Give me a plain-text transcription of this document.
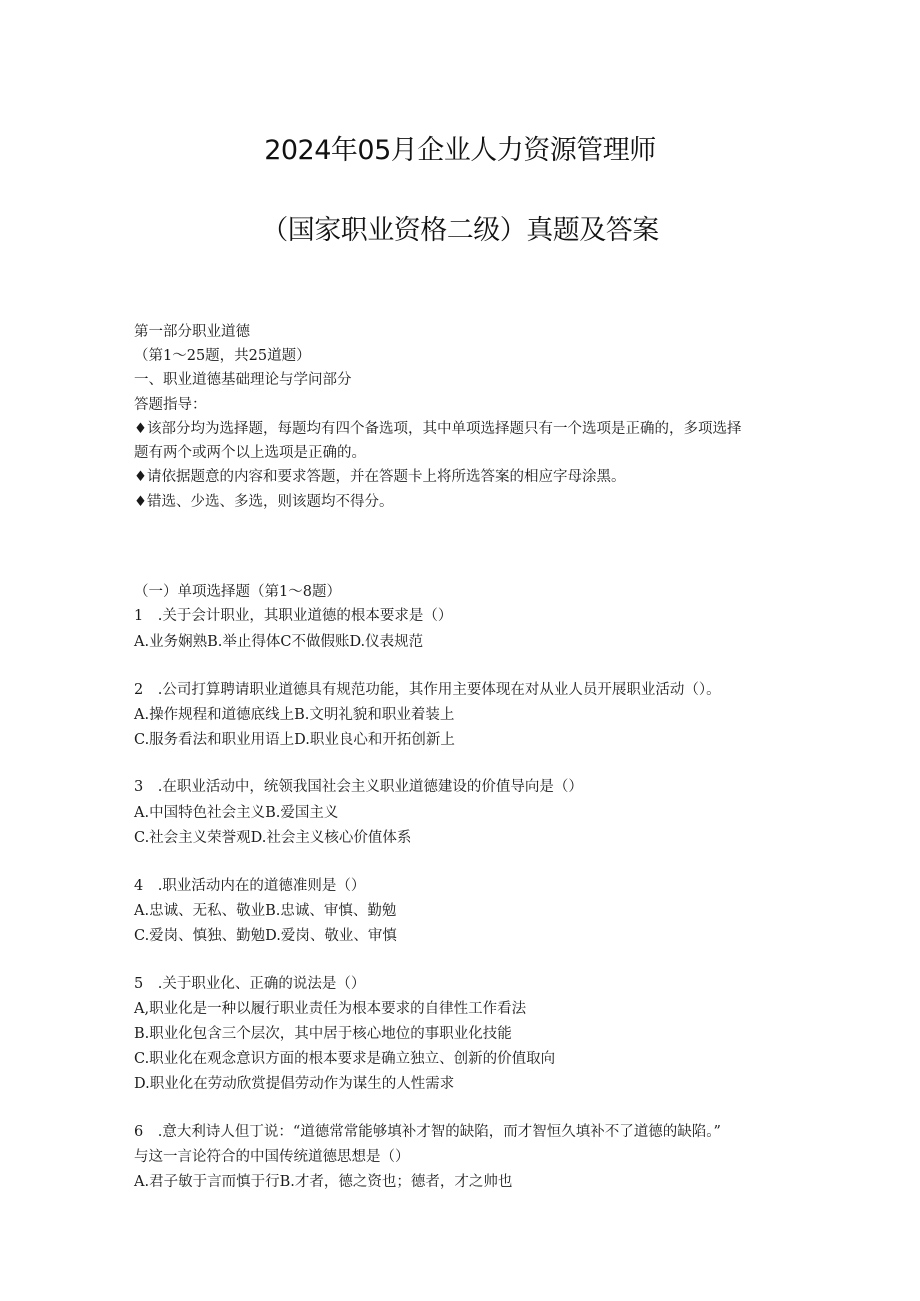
2024年05月企业人力资源管理师
（国家职业资格二级）真题及答案
第一部分职业道德
（第1～25题，共25道题）
一、职业道德基础理论与学问部分
答题指导：
♦该部分均为选择题，每题均有四个备选项，其中单项选择题只有一个选项是正确的，多项选择
题有两个或两个以上选项是正确的。
♦请依据题意的内容和要求答题，并在答题卡上将所选答案的相应字母涂黑。
♦错选、少选、多选，则该题均不得分。
（一）单项选择题（第1～8题）
1　.关于会计职业，其职业道德的根本要求是（）
A.业务娴熟B.举止得体C不做假账D.仪表规范
2　.公司打算聘请职业道德具有规范功能，其作用主要体现在对从业人员开展职业活动（）。
A.操作规程和道德底线上B.文明礼貌和职业着装上
C.服务看法和职业用语上D.职业良心和开拓创新上
3　.在职业活动中，统领我国社会主义职业道德建设的价值导向是（）
A.中国特色社会主义B.爱国主义
C.社会主义荣誉观D.社会主义核心价值体系
4　.职业活动内在的道德准则是（）
A.忠诚、无私、敬业B.忠诚、审慎、勤勉
C.爱岗、慎独、勤勉D.爱岗、敬业、审慎
5　.关于职业化、正确的说法是（）
A,职业化是一种以履行职业责任为根本要求的自律性工作看法
B.职业化包含三个层次，其中居于核心地位的事职业化技能
C.职业化在观念意识方面的根本要求是确立独立、创新的价值取向
D.职业化在劳动欣赏提倡劳动作为谋生的人性需求
6　.意大利诗人但丁说：“道德常常能够填补才智的缺陷，而才智恒久填补不了道德的缺陷。”
与这一言论符合的中国传统道德思想是（）
A.君子敏于言而慎于行B.才者，德之资也；德者，才之帅也
